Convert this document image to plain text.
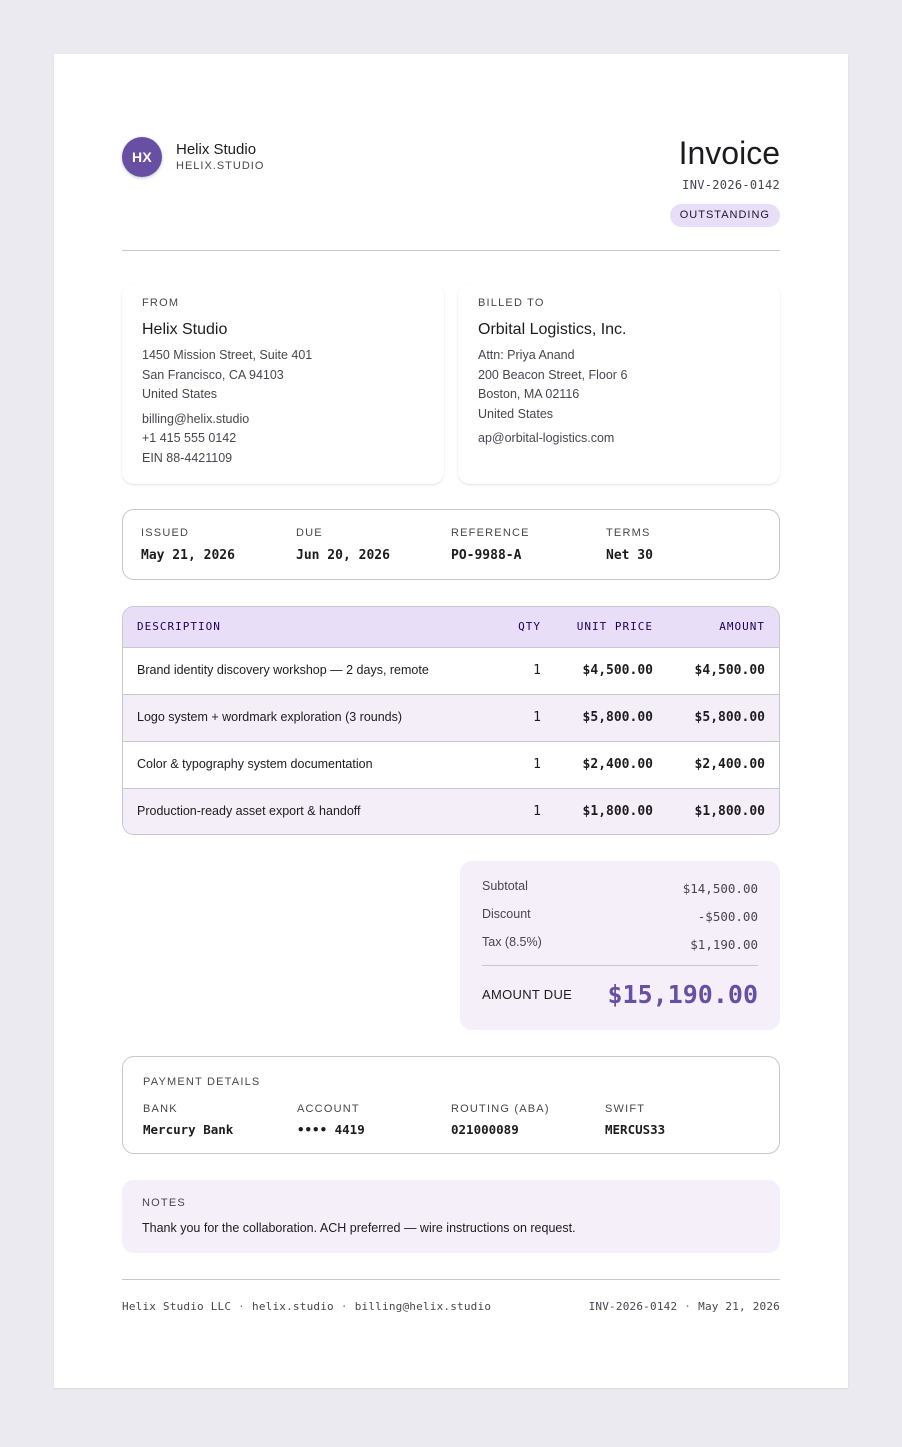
HX	Helix Studio
HELIX.STUDIO	Invoice
INV-2026-0142
OUTSTANDING
FROM
Helix Studio
1450 Mission Street, Suite 401
San Francisco, CA 94103
United States
billing@helix.studio
+1 415 555 0142
EIN 88-4421109
BILLED TO
Orbital Logistics, Inc.
Attn: Priya Anand
200 Beacon Street, Floor 6
Boston, MA 02116
United States
ap@orbital-logistics.com
ISSUED
May 21, 2026
DUE
Jun 20, 2026
REFERENCE
PO-9988-A
TERMS
Net 30
DESCRIPTION	QTY	UNIT PRICE	AMOUNT
Brand identity discovery workshop — 2 days, remote	1	$4,500.00	$4,500.00
Logo system + wordmark exploration (3 rounds)	1	$5,800.00	$5,800.00
Color & typography system documentation	1	$2,400.00	$2,400.00
Production-ready asset export & handoff	1	$1,800.00	$1,800.00
Subtotal	$14,500.00
Discount	-$500.00
Tax (8.5%)	$1,190.00
AMOUNT DUE $15,190.00
PAYMENT DETAILS
BANK
Mercury Bank
ACCOUNT
•••• 4419
ROUTING (ABA)
021000089
SWIFT
MERCUS33
NOTES
Thank you for the collaboration. ACH preferred — wire instructions on request.
Helix Studio LLC · helix.studio · billing@helix.studio	INV-2026-0142 · May 21, 2026
